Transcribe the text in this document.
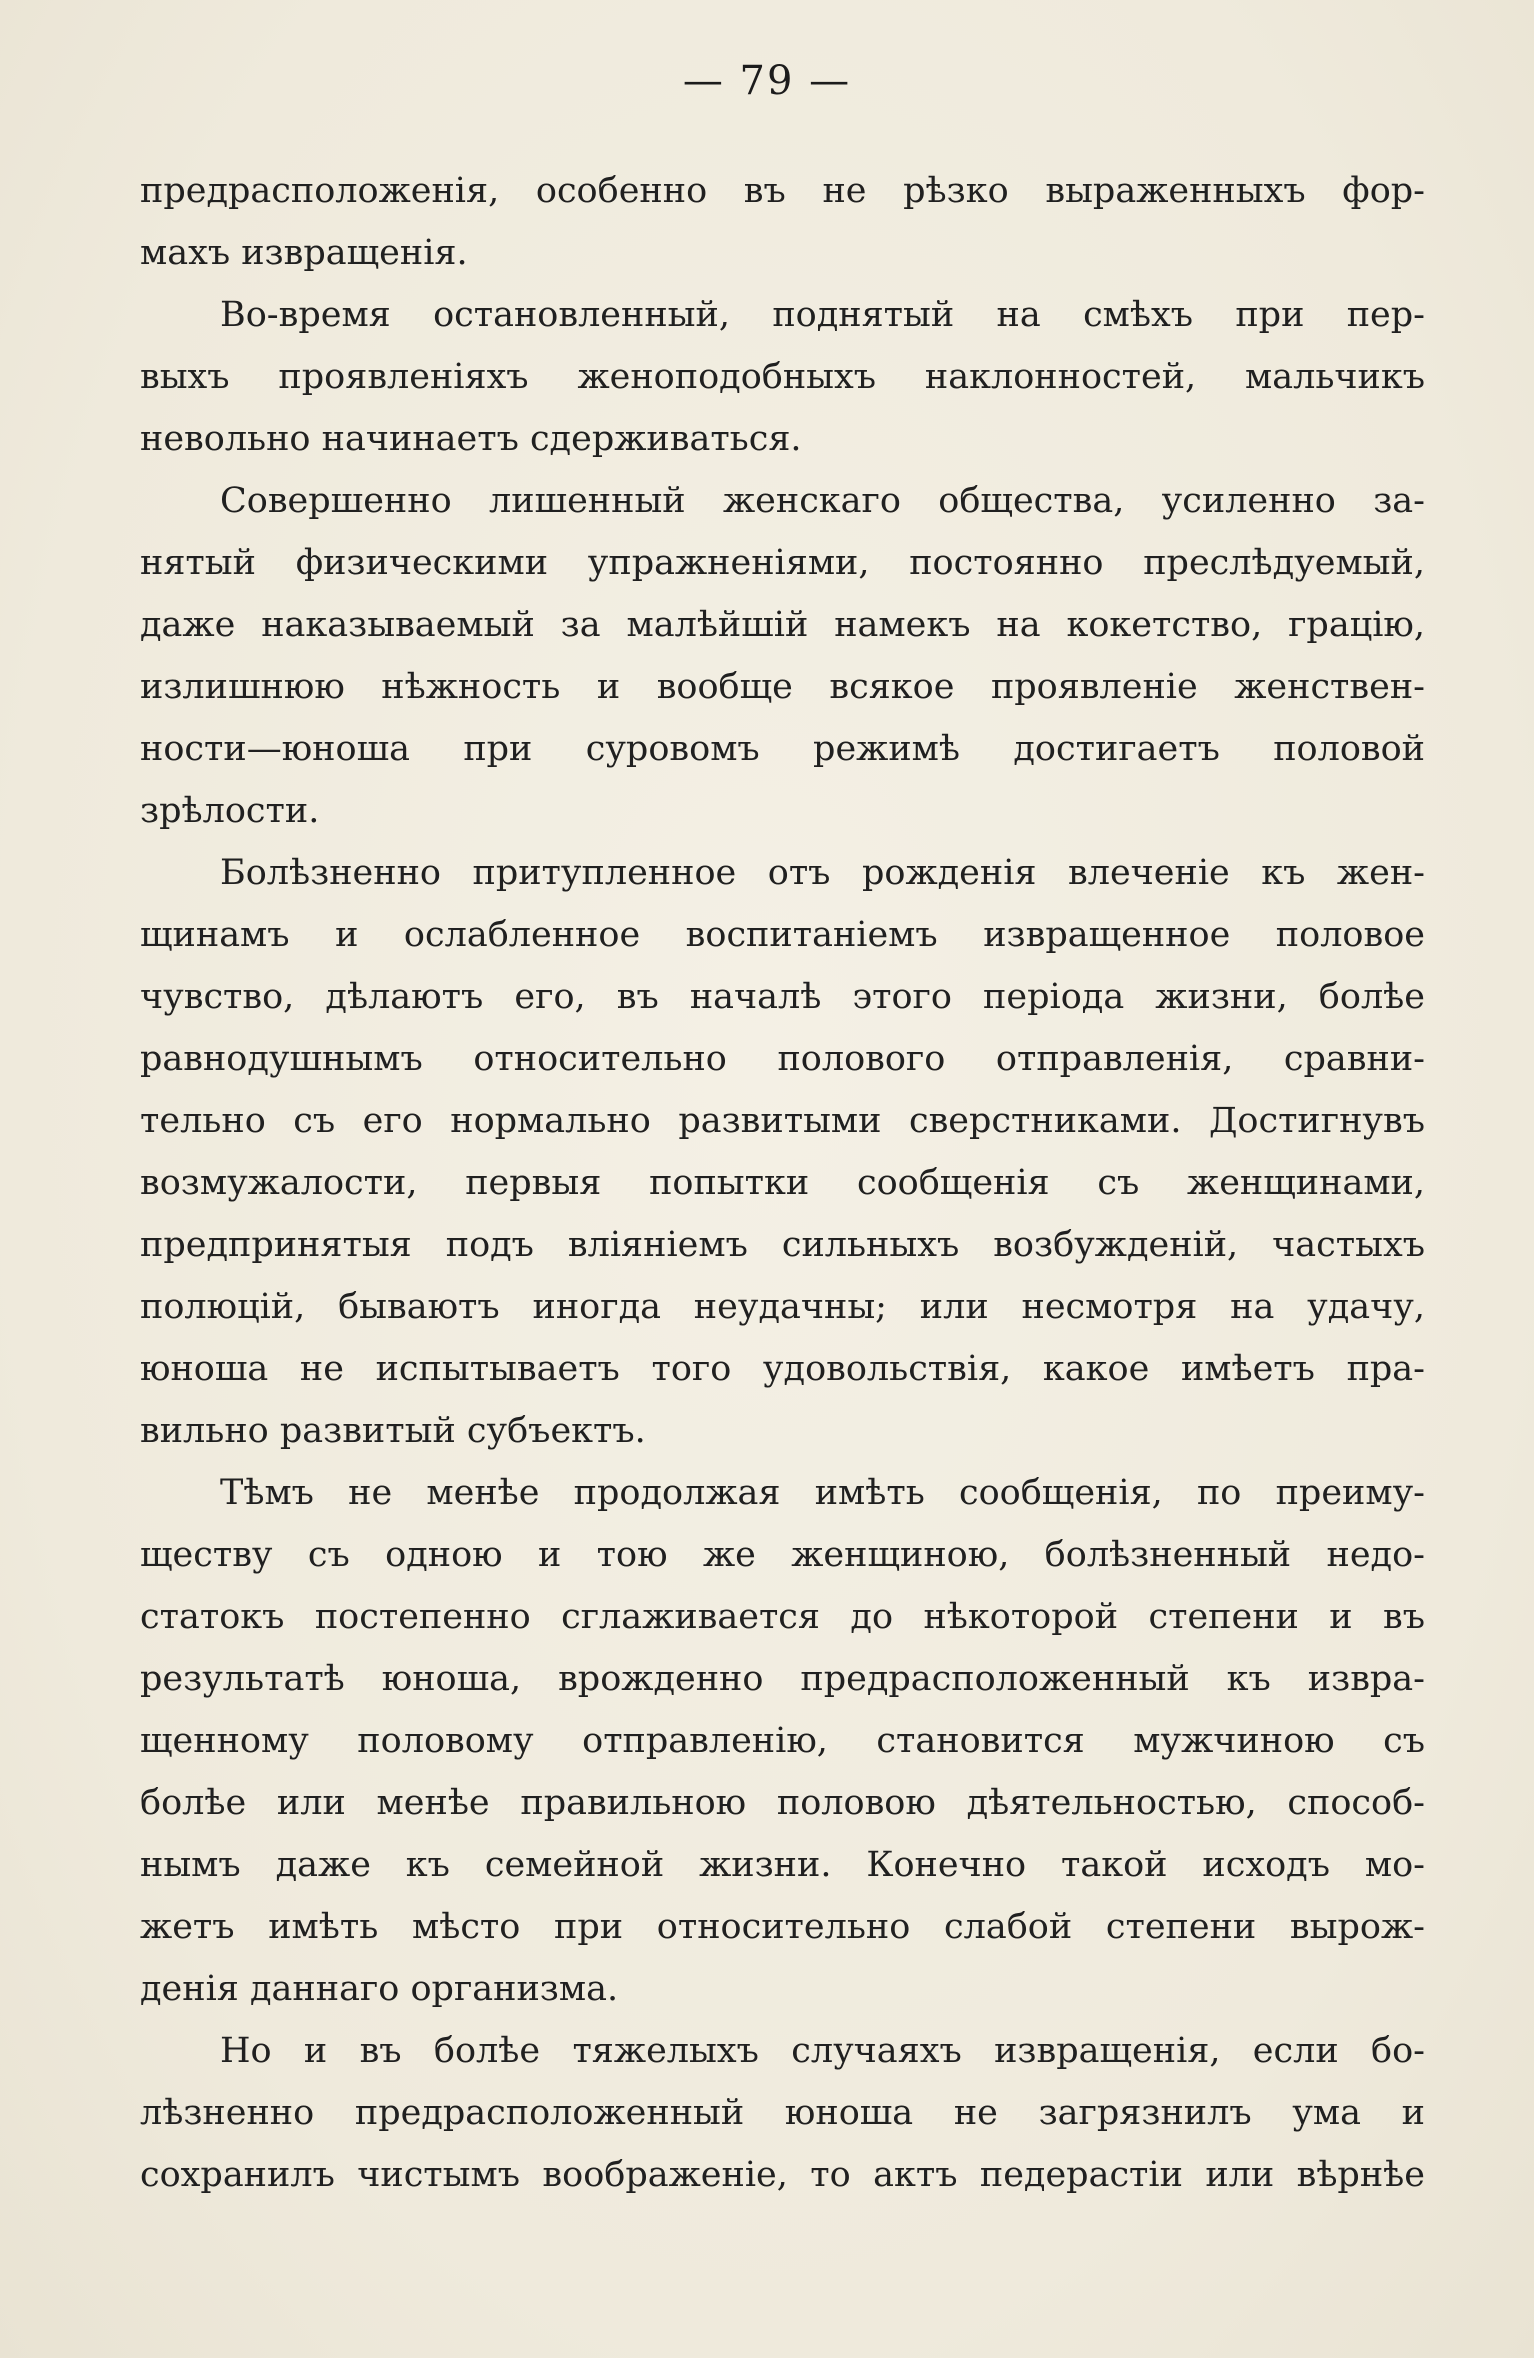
— 79 —
предрасположенія, особенно въ не рѣзко выраженныхъ фор-
махъ извращенія.
Во-время остановленный, поднятый на смѣхъ при пер-
выхъ проявленіяхъ женоподобныхъ наклонностей, мальчикъ
невольно начинаетъ сдерживаться.
Совершенно лишенный женскаго общества, усиленно за-
нятый физическими упражненіями, постоянно преслѣдуемый,
даже наказываемый за малѣйшій намекъ на кокетство, грацію,
излишнюю нѣжность и вообще всякое проявленіе женствен-
ности—юноша при суровомъ режимѣ достигаетъ половой
зрѣлости.
Болѣзненно притупленное отъ рожденія влеченіе къ жен-
щинамъ и ослабленное воспитаніемъ извращенное половое
чувство, дѣлаютъ его, въ началѣ этого періода жизни, болѣе
равнодушнымъ относительно полового отправленія, сравни-
тельно съ его нормально развитыми сверстниками. Достигнувъ
возмужалости, первыя попытки сообщенія съ женщинами,
предпринятыя подъ вліяніемъ сильныхъ возбужденій, частыхъ
полюцій, бываютъ иногда неудачны; или несмотря на удачу,
юноша не испытываетъ того удовольствія, какое имѣетъ пра-
вильно развитый субъектъ.
Тѣмъ не менѣе продолжая имѣть сообщенія, по преиму-
ществу съ одною и тою же женщиною, болѣзненный недо-
статокъ постепенно сглаживается до нѣкоторой степени и въ
результатѣ юноша, врожденно предрасположенный къ извра-
щенному половому отправленію, становится мужчиною съ
болѣе или менѣе правильною половою дѣятельностью, способ-
нымъ даже къ семейной жизни. Конечно такой исходъ мо-
жетъ имѣть мѣсто при относительно слабой степени вырож-
денія даннаго организма.
Но и въ болѣе тяжелыхъ случаяхъ извращенія, если бо-
лѣзненно предрасположенный юноша не загрязнилъ ума и
сохранилъ чистымъ воображеніе, то актъ педерастіи или вѣрнѣе
